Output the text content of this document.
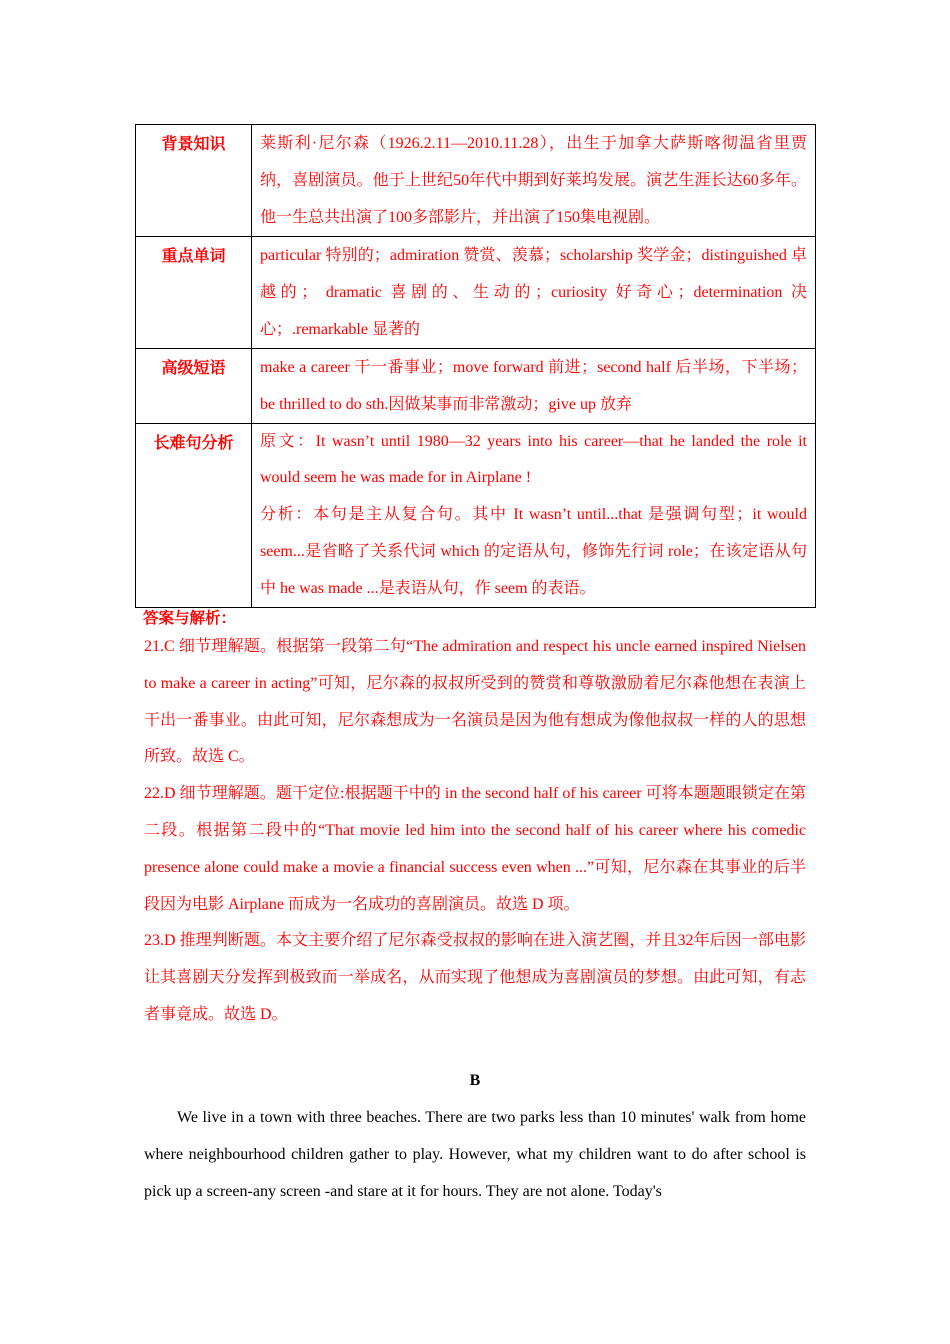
背景知识	莱斯利·尼尔森（1926.2.11—2010.11.28），出生于加拿大萨斯喀彻温省里贾纳，喜剧演员。他于上世纪50年代中期到好莱坞发展。演艺生涯长达60多年。他一生总共出演了100多部影片，并出演了150集电视剧。
重点单词	particular 特别的；admiration 赞赏、羡慕；scholarship 奖学金；distinguished 卓越的； dramatic 喜剧的、生动的；curiosity 好奇心；determination 决心；.remarkable 显著的
高级短语	make a career 干一番事业；move forward 前进；second half 后半场，下半场；be thrilled to do sth.因做某事而非常激动；give up 放弃
长难句分析	原文：It wasn’t until 1980—32 years into his career—that he landed the role it would seem he was made for in Airplane !
分析：本句是主从复合句。其中 It wasn’t until...that 是强调句型；it would seem...是省略了关系代词 which 的定语从句，修饰先行词 role；在该定语从句中 he was made ...是表语从句，作 seem 的表语。
答案与解析：

21.C 细节理解题。根据第一段第二句“The admiration and respect his uncle earned inspired Nielsen to make a career in acting”可知，尼尔森的叔叔所受到的赞赏和尊敬激励着尼尔森他想在表演上干出一番事业。由此可知，尼尔森想成为一名演员是因为他有想成为像他叔叔一样的人的思想所致。故选 C。

22.D 细节理解题。题干定位:根据题干中的 in the second half of his career 可将本题题眼锁定在第二段。根据第二段中的“That movie led him into the second half of his career where his comedic presence alone could make a movie a financial success even when ...”可知，尼尔森在其事业的后半段因为电影 Airplane 而成为一名成功的喜剧演员。故选 D 项。

23.D 推理判断题。本文主要介绍了尼尔森受叔叔的影响在进入演艺圈，并且32年后因一部电影让其喜剧天分发挥到极致而一举成名，从而实现了他想成为喜剧演员的梦想。由此可知，有志者事竟成。故选 D。

B

We live in a town with three beaches. There are two parks less than 10 minutes' walk from home where neighbourhood children gather to play. However, what my children want to do after school is pick up a screen-any screen -and stare at it for hours. They are not alone. Today's
